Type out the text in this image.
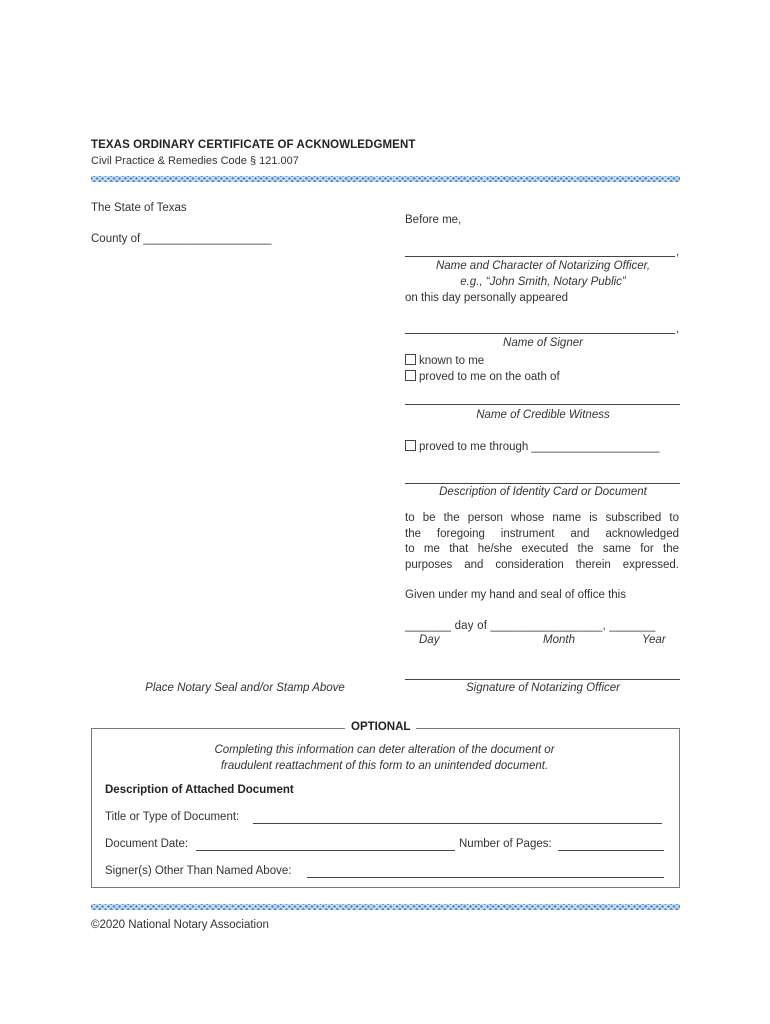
TEXAS ORDINARY CERTIFICATE OF ACKNOWLEDGMENT
Civil Practice & Remedies Code § 121.007
The State of Texas
County of ____________________
Before me,
,
Name and Character of Notarizing Officer,
e.g., “John Smith, Notary Public”
on this day personally appeared
,
Name of Signer
known to me
proved to me on the oath of
Name of Credible Witness
proved to me through ____________________
Description of Identity Card or Document
to be the person whose name is subscribed to
the foregoing instrument and acknowledged
to me that he/she executed the same for the
purposes and consideration therein expressed.
Given under my hand and seal of office this
_______ day of _________________, _______
Day	Month	Year
Signature of Notarizing Officer
Place Notary Seal and/or Stamp Above
OPTIONAL
Completing this information can deter alteration of the document or
fraudulent reattachment of this form to an unintended document.
Description of Attached Document
Title or Type of Document:
Document Date:	Number of Pages:
Signer(s) Other Than Named Above:
©2020 National Notary Association
